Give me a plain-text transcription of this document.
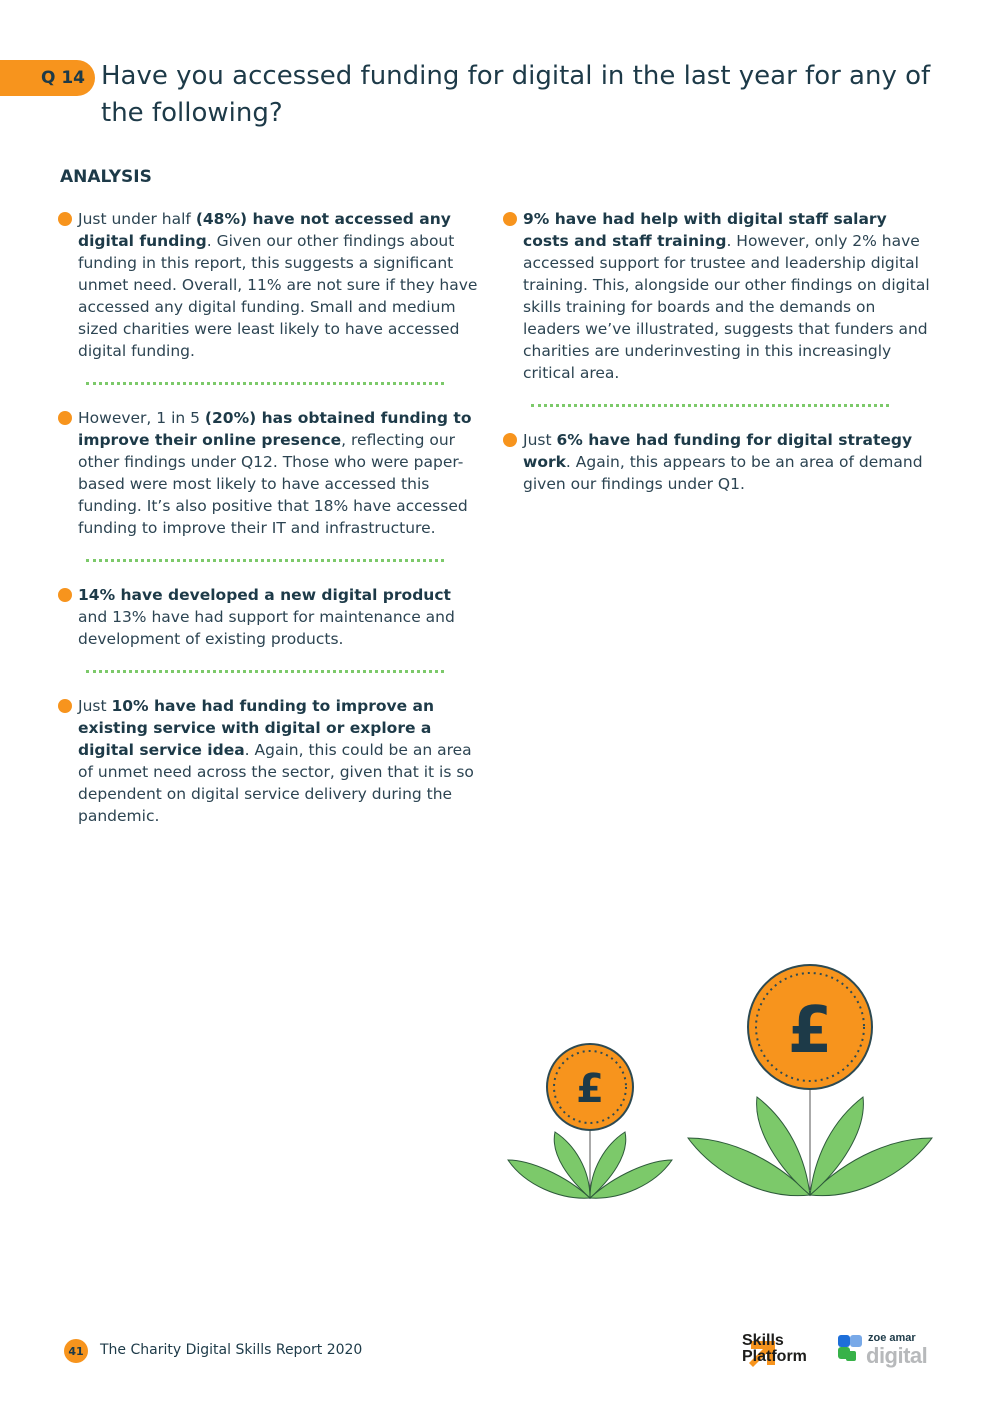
Q 14 Have you accessed funding for digital in the last year for any of the following?
ANALYSIS
Just under half (48%) have not accessed any digital funding. Given our other findings about funding in this report, this suggests a significant unmet need. Overall, 11% are not sure if they have accessed any digital funding. Small and medium sized charities were least likely to have accessed digital funding.
However, 1 in 5 (20%) has obtained funding to improve their online presence, reflecting our other findings under Q12. Those who were paper-based were most likely to have accessed this funding. It’s also positive that 18% have accessed funding to improve their IT and infrastructure.
14% have developed a new digital product
and 13% have had support for maintenance and development of existing products.
Just 10% have had funding to improve an existing service with digital or explore a digital service idea. Again, this could be an area of unmet need across the sector, given that it is so dependent on digital service delivery during the pandemic.
9% have had help with digital staff salary costs and staff training. However, only 2% have accessed support for trustee and leadership digital training. This, alongside our other findings on digital skills training for boards and the demands on leaders we’ve illustrated, suggests that funders and charities are underinvesting in this increasingly critical area.
Just 6% have had funding for digital strategy work. Again, this appears to be an area of demand given our findings under Q1.
£
£
41 The Charity Digital Skills Report 2020
Skills
Platform
zoe amar
digital
